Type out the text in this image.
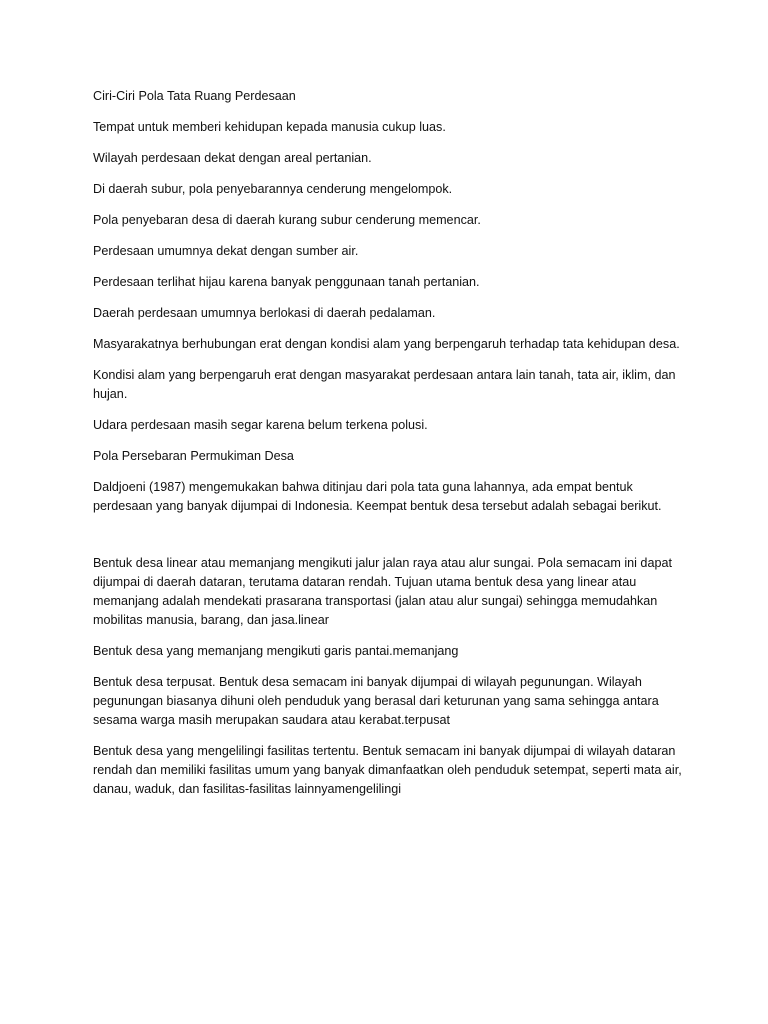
Ciri-Ciri Pola Tata Ruang Perdesaan

Tempat untuk memberi kehidupan kepada manusia cukup luas.

Wilayah perdesaan dekat dengan areal pertanian.

Di daerah subur, pola penyebarannya cenderung mengelompok.

Pola penyebaran desa di daerah kurang subur cenderung memencar.

Perdesaan umumnya dekat dengan sumber air.

Perdesaan terlihat hijau karena banyak penggunaan tanah pertanian.

Daerah perdesaan umumnya berlokasi di daerah pedalaman.

Masyarakatnya berhubungan erat dengan kondisi alam yang berpengaruh terhadap tata kehidupan desa.

Kondisi alam yang berpengaruh erat dengan masyarakat perdesaan antara lain tanah, tata air, iklim, dan hujan.

Udara perdesaan masih segar karena belum terkena polusi.

Pola Persebaran Permukiman Desa

Daldjoeni (1987) mengemukakan bahwa ditinjau dari pola tata guna lahannya, ada empat bentuk perdesaan yang banyak dijumpai di Indonesia. Keempat bentuk desa tersebut adalah sebagai berikut.

Bentuk desa linear atau memanjang mengikuti jalur jalan raya atau alur sungai. Pola semacam ini dapat dijumpai di daerah dataran, terutama dataran rendah. Tujuan utama bentuk desa yang linear atau memanjang adalah mendekati prasarana transportasi (jalan atau alur sungai) sehingga memudahkan mobilitas manusia, barang, dan jasa.linear

Bentuk desa yang memanjang mengikuti garis pantai.memanjang

Bentuk desa terpusat. Bentuk desa semacam ini banyak dijumpai di wilayah pegunungan. Wilayah pegunungan biasanya dihuni oleh penduduk yang berasal dari keturunan yang sama sehingga antara sesama warga masih merupakan saudara atau kerabat.terpusat

Bentuk desa yang mengelilingi fasilitas tertentu. Bentuk semacam ini banyak dijumpai di wilayah dataran rendah dan memiliki fasilitas umum yang banyak dimanfaatkan oleh penduduk setempat, seperti mata air, danau, waduk, dan fasilitas-fasilitas lainnyamengelilingi
